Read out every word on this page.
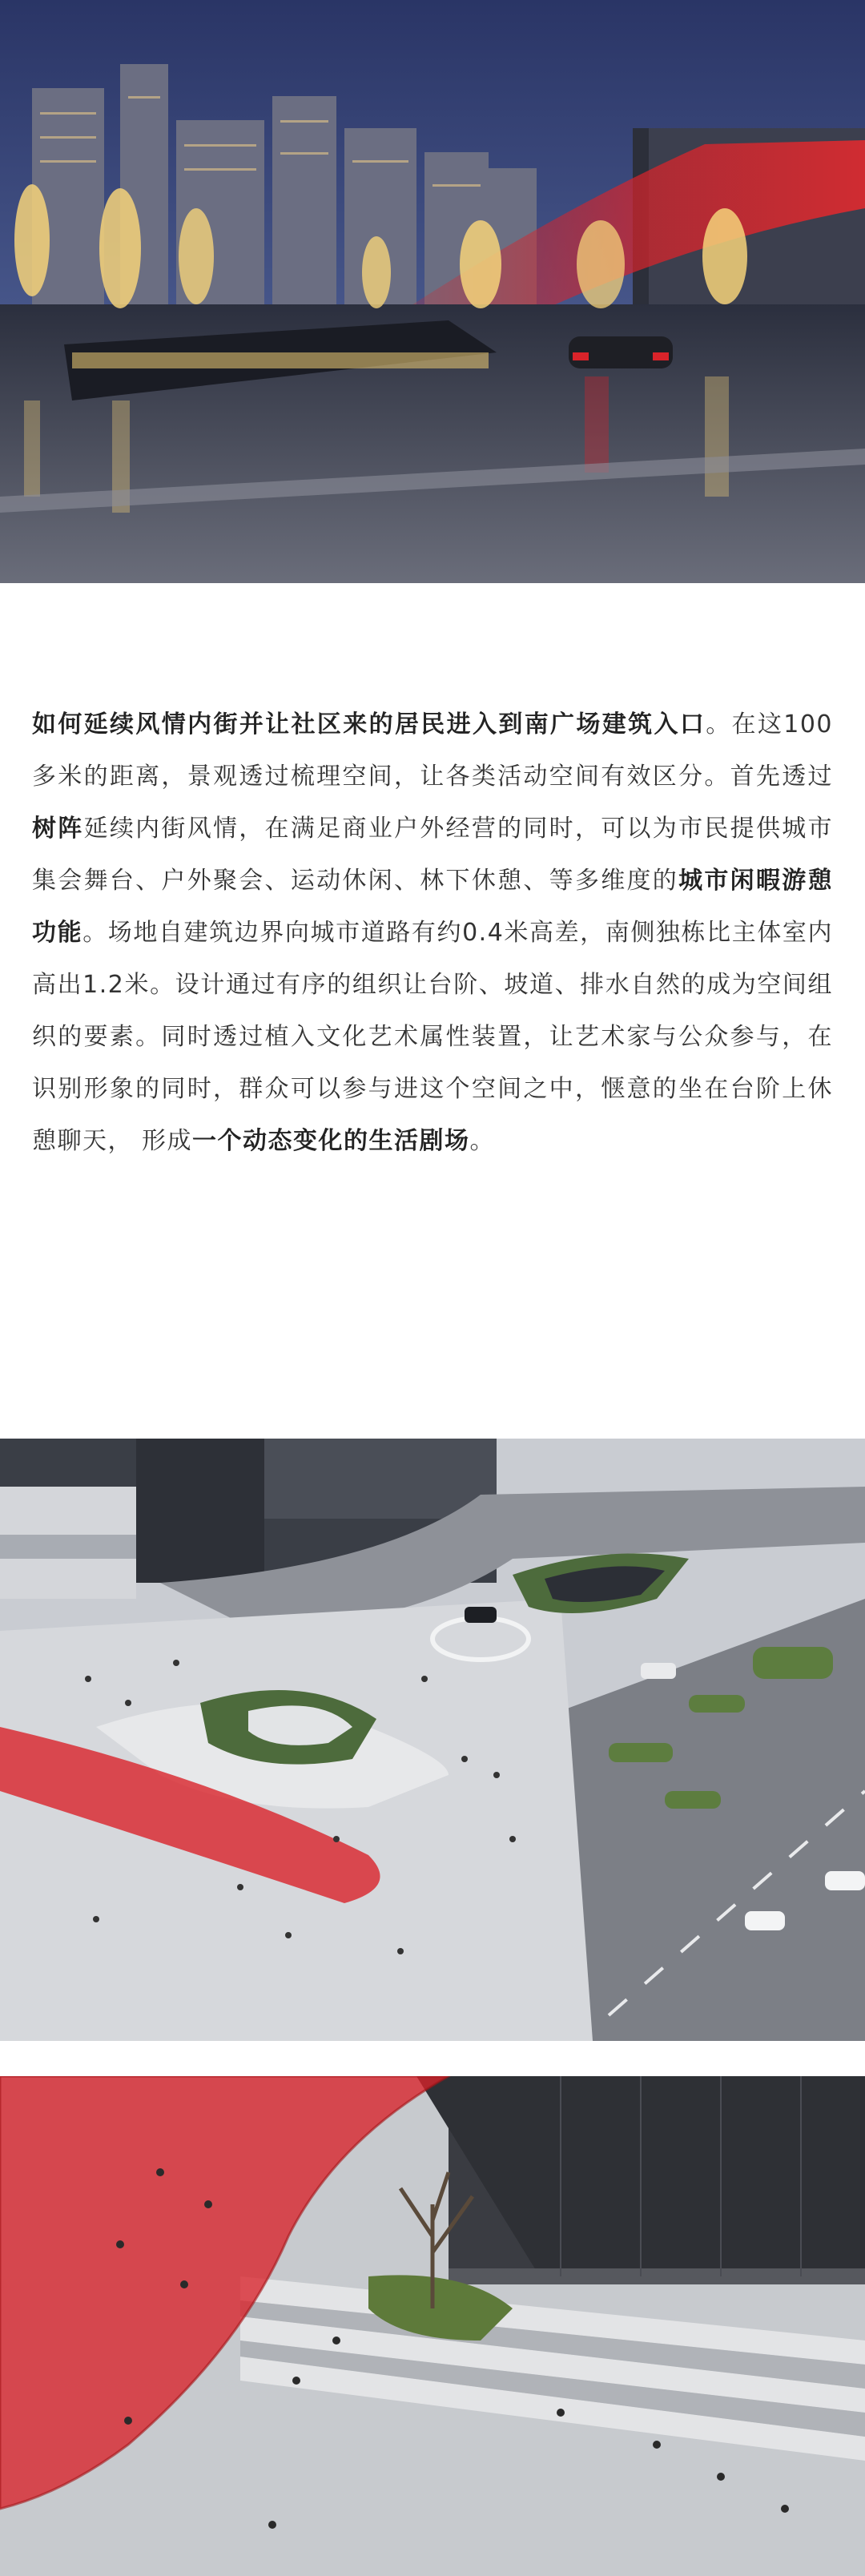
如何延续风情内街并让社区来的居民进入到南广场建筑入口。在这100多米的距离，景观透过梳理空间，让各类活动空间有效区分。首先透过树阵延续内街风情，在满足商业户外经营的同时，可以为市民提供城市集会舞台、户外聚会、运动休闲、林下休憩、等多维度的城市闲暇游憩功能。场地自建筑边界向城市道路有约0.4米高差，南侧独栋比主体室内高出1.2米。设计通过有序的组织让台阶、坡道、排水自然的成为空间组织的要素。同时透过植入文化艺术属性装置，让艺术家与公众参与，在识别形象的同时，群众可以参与进这个空间之中，惬意的坐在台阶上休憩聊天， 形成一个动态变化的生活剧场。
